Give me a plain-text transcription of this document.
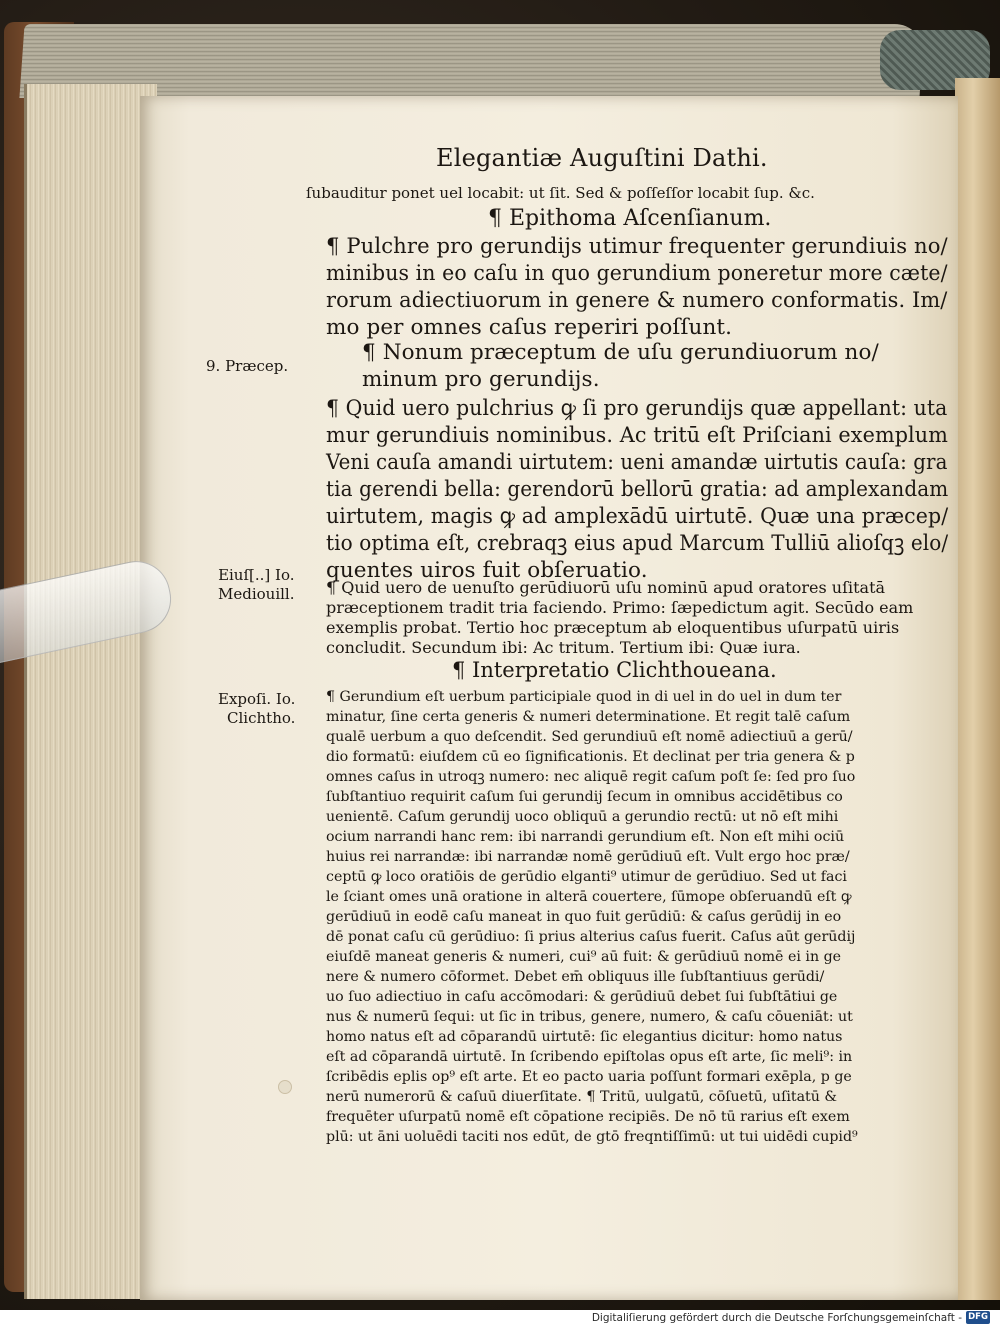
Elegantiæ Auguſtini Dathi.
ſubauditur ponet uel locabit: ut ſit. Sed & poſſeſſor locabit ſup. &c.
¶ Epithoma Aſcenſianum.
¶ Pulchre pro gerundijs utimur frequenter gerundiuis no/
minibus in eo caſu in quo gerundium poneretur more cæte/
rorum adiectiuorum in genere & numero conformatis. Im/
mo per omnes caſus reperiri poſſunt.
9. Præcep.
¶ Nonum præceptum de uſu gerundiuorum no/
minum pro gerundijs.
¶ Quid uero pulchrius ꝙ ſi pro gerundijs quæ appellant: uta
mur gerundiuis nominibus. Ac tritū eſt Priſciani exemplum
Veni cauſa amandi uirtutem: ueni amandæ uirtutis cauſa: gra
tia gerendi bella: gerendorū bellorū gratia: ad amplexandam
uirtutem, magis ꝙ ad amplexādū uirtutē. Quæ una præcep/
tio optima eſt, crebraqꝫ eius apud Marcum Tulliū alioſqꝫ elo/
quentes uiros fuit obſeruatio.
Eiuſ[..] Io.
Mediouill. ¶ Quid uero de uenuſto gerūdiuorū uſu nominū apud oratores uſitatā
præceptionem tradit tria faciendo. Primo: ſæpedictum agit. Secūdo eam
exemplis probat. Tertio hoc præceptum ab eloquentibus uſurpatū uiris
concludit. Secundum ibi: Ac tritum. Tertium ibi: Quæ iura.
¶ Interpretatio Clichthoueana.
Expoſi. Io.
Clichtho.
¶ Gerundium eſt uerbum participiale quod in di uel in do uel in dum ter
minatur, ſine certa generis & numeri determinatione. Et regit talē caſum
qualē uerbum a quo deſcendit. Sed gerundiuū eſt nomē adiectiuū a gerū/
dio formatū: eiuſdem cū eo ſignificationis. Et declinat per tria genera & p
omnes caſus in utroqꝫ numero: nec aliquē regit caſum poſt ſe: ſed pro ſuo
ſubſtantiuo requirit caſum ſui gerundij ſecum in omnibus accidētibus co
uenientē. Caſum gerundij uoco obliquū a gerundio rectū: ut nō eſt mihi
ocium narrandi hanc rem: ibi narrandi gerundium eſt. Non eſt mihi ociū
huius rei narrandæ: ibi narrandæ nomē gerūdiuū eſt. Vult ergo hoc præ/
ceptū ꝙ loco oratiōis de gerūdio elganti⁹ utimur de gerūdiuo. Sed ut faci
le ſciant omes unā oratione in alterā couertere, ſūmope obſeruandū eſt ꝙ
gerūdiuū in eodē caſu maneat in quo fuit gerūdiū: & caſus gerūdij in eo
dē ponat caſu cū gerūdiuo: ſi prius alterius caſus fuerit. Caſus aūt gerūdij
eiuſdē maneat generis & numeri, cui⁹ aū fuit: & gerūdiuū nomē ei in ge
nere & numero cōformet. Debet em̄ obliquus ille ſubſtantiuus gerūdi/
uo ſuo adiectiuo in caſu accōmodari: & gerūdiuū debet ſui ſubſtātiui ge
nus & numerū ſequi: ut ſic in tribus, genere, numero, & caſu cōueniāt: ut
homo natus eſt ad cōparandū uirtutē: ſic elegantius dicitur: homo natus
eſt ad cōparandā uirtutē. In ſcribendo epiſtolas opus eſt arte, ſic meli⁹: in
ſcribēdis eplis op⁹ eſt arte. Et eo pacto uaria poſſunt formari exēpla, p ge
nerū numerorū & caſuū diuerſitate. ¶ Tritū, uulgatū, cōſuetū, uſitatū &
frequēter uſurpatū nomē eſt cōpatione recipiēs. De nō tū rarius eſt exem
plū: ut āni uoluēdi taciti nos edūt, de gtō freqntiſſimū: ut tui uidēdi cupid⁹
Digitaliſierung gefördert durch die Deutsche Forſchungsgemeinſchaft - DFG
